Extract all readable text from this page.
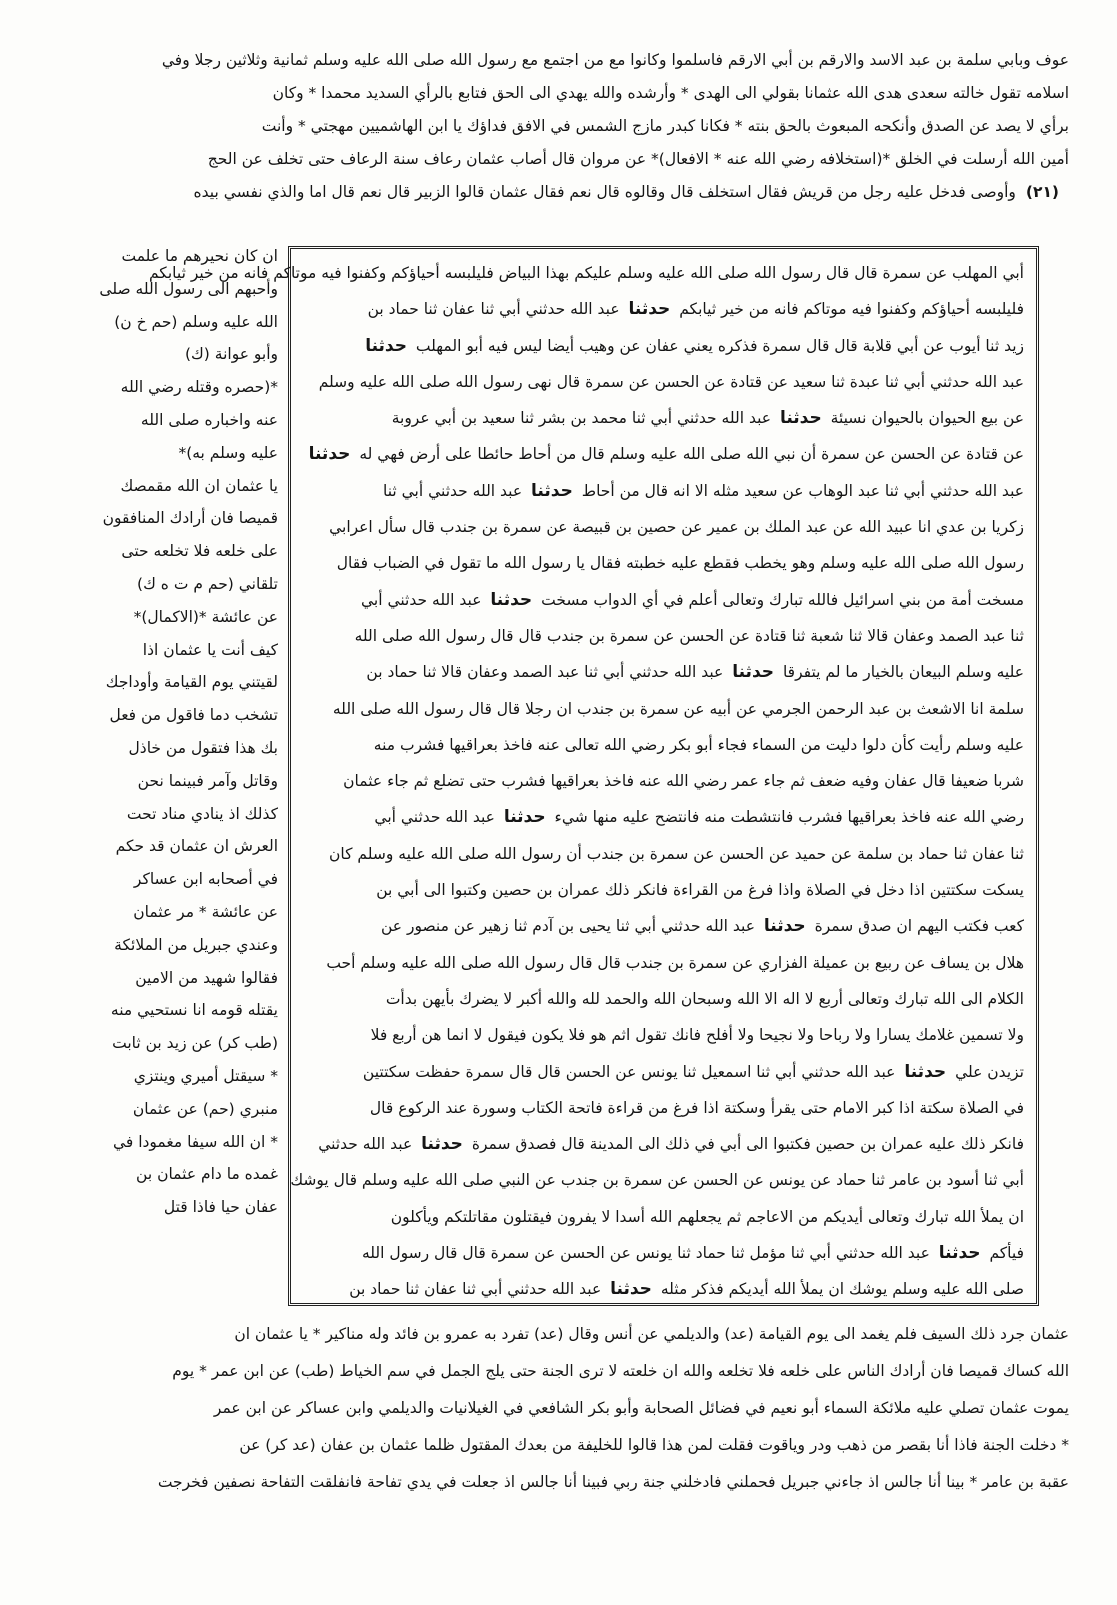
عوف وبابي سلمة بن عبد الاسد والارقم بن أبي الارقم فاسلموا وكانوا مع من اجتمع مع رسول الله صلى الله عليه وسلم ثمانية وثلاثين رجلا وفي
اسلامه تقول خالته سعدى هدى الله عثمانا بقولي الى الهدى * وأرشده والله يهدي الى الحق فتابع بالرأي السديد محمدا * وكان
برأي لا يصد عن الصدق وأنكحه المبعوث بالحق بنته * فكانا كبدر مازج الشمس في الافق فداؤك يا ابن الهاشميين مهجتي * وأنت
أمين الله أرسلت في الخلق *(استخلافه رضي الله عنه * الافعال)* عن مروان قال أصاب عثمان رعاف سنة الرعاف حتى تخلف عن الحج
(٢١)وأوصى فدخل عليه رجل من قريش فقال استخلف قال وقالوه قال نعم فقال عثمان قالوا الزبير قال نعم قال اما والذي نفسي بيده
أبي المهلب عن سمرة قال قال رسول الله صلى الله عليه وسلم عليكم بهذا البياض فليلبسه أحياؤكم وكفنوا فيه موتاكم فانه من خير ثيابكم
فليلبسه أحياؤكم وكفنوا فيه موتاكم فانه من خير ثيابكم حدثنا عبد الله حدثني أبي ثنا عفان ثنا حماد بن
زيد ثنا أيوب عن أبي قلابة قال قال سمرة فذكره يعني عفان عن وهيب أيضا ليس فيه أبو المهلب حدثنا
عبد الله حدثني أبي ثنا عبدة ثنا سعيد عن قتادة عن الحسن عن سمرة قال نهى رسول الله صلى الله عليه وسلم
عن بيع الحيوان بالحيوان نسيئة حدثنا عبد الله حدثني أبي ثنا محمد بن بشر ثنا سعيد بن أبي عروبة
عن قتادة عن الحسن عن سمرة أن نبي الله صلى الله عليه وسلم قال من أحاط حائطا على أرض فهي له حدثنا
عبد الله حدثني أبي ثنا عبد الوهاب عن سعيد مثله الا انه قال من أحاط حدثنا عبد الله حدثني أبي ثنا
زكريا بن عدي انا عبيد الله عن عبد الملك بن عمير عن حصين بن قبيصة عن سمرة بن جندب قال سأل اعرابي
رسول الله صلى الله عليه وسلم وهو يخطب فقطع عليه خطبته فقال يا رسول الله ما تقول في الضباب فقال
مسخت أمة من بني اسرائيل فالله تبارك وتعالى أعلم في أي الدواب مسخت حدثنا عبد الله حدثني أبي
ثنا عبد الصمد وعفان قالا ثنا شعبة ثنا قتادة عن الحسن عن سمرة بن جندب قال قال رسول الله صلى الله
عليه وسلم البيعان بالخيار ما لم يتفرقا حدثنا عبد الله حدثني أبي ثنا عبد الصمد وعفان قالا ثنا حماد بن
سلمة انا الاشعث بن عبد الرحمن الجرمي عن أبيه عن سمرة بن جندب ان رجلا قال قال رسول الله صلى الله
عليه وسلم رأيت كأن دلوا دليت من السماء فجاء أبو بكر رضي الله تعالى عنه فاخذ بعراقيها فشرب منه
شربا ضعيفا قال عفان وفيه ضعف ثم جاء عمر رضي الله عنه فاخذ بعراقيها فشرب حتى تضلع ثم جاء عثمان
رضي الله عنه فاخذ بعراقيها فشرب فانتشطت منه فانتضح عليه منها شيء حدثنا عبد الله حدثني أبي
ثنا عفان ثنا حماد بن سلمة عن حميد عن الحسن عن سمرة بن جندب أن رسول الله صلى الله عليه وسلم كان
يسكت سكتتين اذا دخل في الصلاة واذا فرغ من القراءة فانكر ذلك عمران بن حصين وكتبوا الى أبي بن
كعب فكتب اليهم ان صدق سمرة حدثنا عبد الله حدثني أبي ثنا يحيى بن آدم ثنا زهير عن منصور عن
هلال بن يساف عن ربيع بن عميلة الفزاري عن سمرة بن جندب قال قال رسول الله صلى الله عليه وسلم أحب
الكلام الى الله تبارك وتعالى أربع لا اله الا الله وسبحان الله والحمد لله والله أكبر لا يضرك بأيهن بدأت
ولا تسمين غلامك يسارا ولا رباحا ولا نجيحا ولا أفلح فانك تقول اثم هو فلا يكون فيقول لا انما هن أربع فلا
تزيدن علي حدثنا عبد الله حدثني أبي ثنا اسمعيل ثنا يونس عن الحسن قال قال سمرة حفظت سكتتين
في الصلاة سكتة اذا كبر الامام حتى يقرأ وسكتة اذا فرغ من قراءة فاتحة الكتاب وسورة عند الركوع قال
فانكر ذلك عليه عمران بن حصين فكتبوا الى أبي في ذلك الى المدينة قال فصدق سمرة حدثنا عبد الله حدثني
أبي ثنا أسود بن عامر ثنا حماد عن يونس عن الحسن عن سمرة بن جندب عن النبي صلى الله عليه وسلم قال يوشك
ان يملأ الله تبارك وتعالى أيديكم من الاعاجم ثم يجعلهم الله أسدا لا يفرون فيقتلون مقاتلتكم ويأكلون
فيأكم حدثنا عبد الله حدثني أبي ثنا مؤمل ثنا حماد ثنا يونس عن الحسن عن سمرة قال قال رسول الله
صلى الله عليه وسلم يوشك ان يملأ الله أيديكم فذكر مثله حدثنا عبد الله حدثني أبي ثنا عفان ثنا حماد بن
ان كان نحيرهم ما علمت
وأحبهم الى رسول الله صلى
الله عليه وسلم (حم خ ن)
وأبو عوانة (ك)
*(حصره وقتله رضي الله
عنه واخباره صلى الله
عليه وسلم به)*
يا عثمان ان الله مقمصك
قميصا فان أرادك المنافقون
على خلعه فلا تخلعه حتى
تلقاني (حم م ت ه ك)
عن عائشة *(الاكمال)*
كيف أنت يا عثمان اذا
لقيتني يوم القيامة وأوداجك
تشخب دما فاقول من فعل
بك هذا فتقول من خاذل
وقاتل وآمر فبينما نحن
كذلك اذ ينادي مناد تحت
العرش ان عثمان قد حكم
في أصحابه ابن عساكر
عن عائشة * مر عثمان
وعندي جبريل من الملائكة
فقالوا شهيد من الامين
يقتله قومه انا نستحيي منه
(طب كر) عن زيد بن ثابت
* سيقتل أميري وينتزي
منبري (حم) عن عثمان
* ان الله سيفا مغمودا في
غمده ما دام عثمان بن
عفان حيا فاذا قتل
عثمان جرد ذلك السيف فلم يغمد الى يوم القيامة (عد) والديلمي عن أنس وقال (عد) تفرد به عمرو بن فائد وله مناكير * يا عثمان ان
الله كساك قميصا فان أرادك الناس على خلعه فلا تخلعه والله ان خلعته لا ترى الجنة حتى يلج الجمل في سم الخياط (طب) عن ابن عمر * يوم
يموت عثمان تصلي عليه ملائكة السماء أبو نعيم في فضائل الصحابة وأبو بكر الشافعي في الغيلانيات والديلمي وابن عساكر عن ابن عمر
* دخلت الجنة فاذا أنا بقصر من ذهب ودر وياقوت فقلت لمن هذا قالوا للخليفة من بعدك المقتول ظلما عثمان بن عفان (عد كر) عن
عقبة بن عامر * بينا أنا جالس اذ جاءني جبريل فحملني فادخلني جنة ربي فبينا أنا جالس اذ جعلت في يدي تفاحة فانفلقت التفاحة نصفين فخرجت
